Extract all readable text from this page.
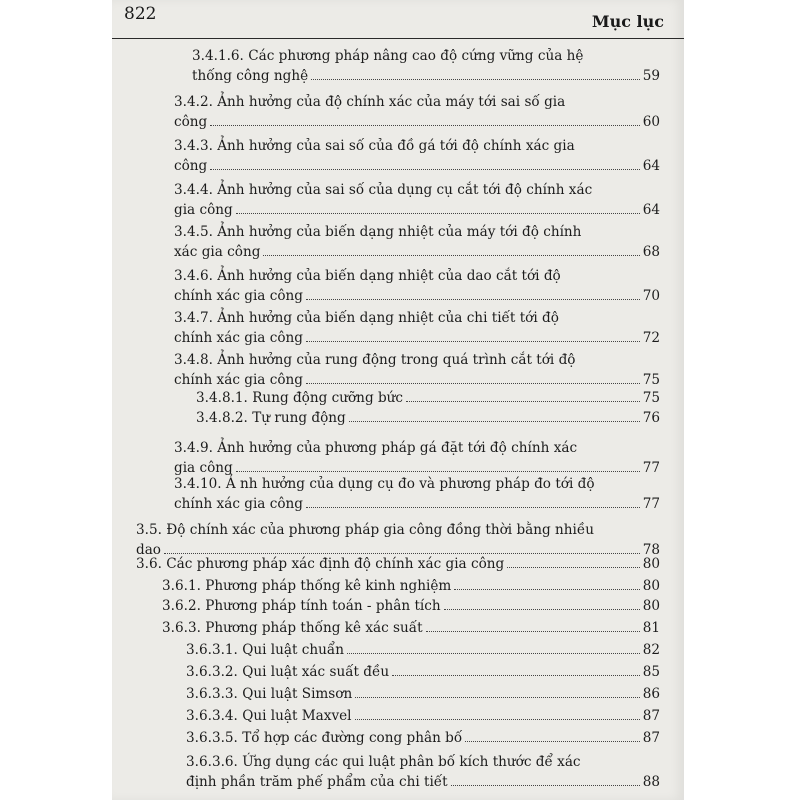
822	Mục lục
3.4.1.6. Các phương pháp nâng cao độ cứng vững của hệ
thống công nghệ	59
3.4.2. Ảnh hưởng của độ chính xác của máy tới sai số gia
công	60
3.4.3. Ảnh hưởng của sai số của đồ gá tới độ chính xác gia
công	64
3.4.4. Ảnh hưởng của sai số của dụng cụ cắt tới độ chính xác
gia công	64
3.4.5. Ảnh hưởng của biến dạng nhiệt của máy tới độ chính
xác gia công	68
3.4.6. Ảnh hưởng của biến dạng nhiệt của dao cắt tới độ
chính xác gia công	70
3.4.7. Ảnh hưởng của biến dạng nhiệt của chi tiết tới độ
chính xác gia công	72
3.4.8. Ảnh hưởng của rung động trong quá trình cắt tới độ
chính xác gia công	75
3.4.8.1. Rung động cưỡng bức	75
3.4.8.2. Tự rung động	76
3.4.9. Ảnh hưởng của phương pháp gá đặt tới độ chính xác
gia công	77
3.4.10. Ả nh hưởng của dụng cụ đo và phương pháp đo tới độ
chính xác gia công	77
3.5. Độ chính xác của phương pháp gia công đồng thời bằng nhiều
dao	78
3.6. Các phương pháp xác định độ chính xác gia công	80
3.6.1. Phương pháp thống kê kinh nghiệm	80
3.6.2. Phương pháp tính toán - phân tích	80
3.6.3. Phương pháp thống kê xác suất	81
3.6.3.1. Qui luật chuẩn	82
3.6.3.2. Qui luật xác suất đều	85
3.6.3.3. Qui luật Simsơn	86
3.6.3.4. Qui luật Maxvel	87
3.6.3.5. Tổ hợp các đường cong phân bố	87
3.6.3.6. Ứng dụng các qui luật phân bố kích thước để xác
định phần trăm phế phẩm của chi tiết	88
